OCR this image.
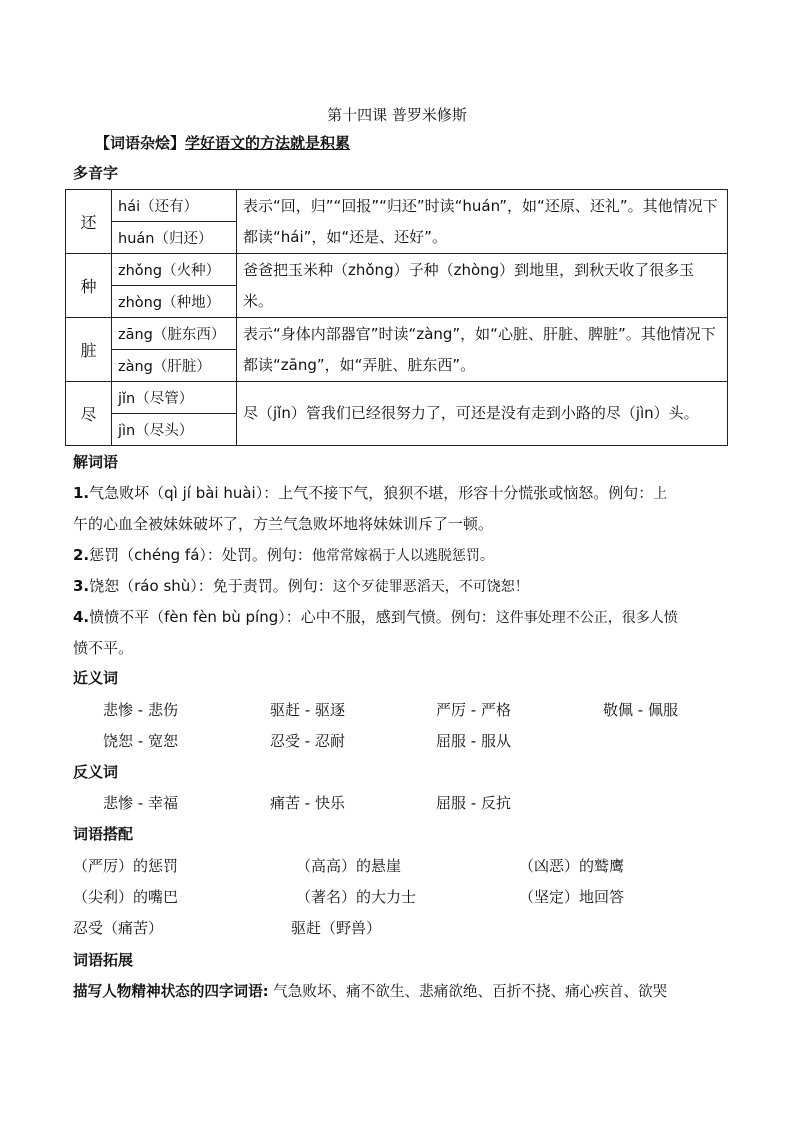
第十四课 普罗米修斯
【词语杂烩】学好语文的方法就是积累
多音字
还	hái（还有）	表示“回，归”“回报”“归还”时读“huán”，如“还原、还礼”。其他情况下都读“hái”，如“还是、还好”。
	huán（归还）	
种	zhǒng（火种）	爸爸把玉米种（zhǒng）子种（zhòng）到地里，到秋天收了很多玉米。
	zhòng（种地）	
脏	zāng（脏东西）	表示“身体内部器官”时读“zàng”，如“心脏、肝脏、脾脏”。其他情况下都读“zāng”，如“弄脏、脏东西”。
	zàng（肝脏）	
尽	jǐn（尽管）	尽（jǐn）管我们已经很努力了，可还是没有走到小路的尽（jìn）头。
	jìn（尽头）	
解词语
1.气急败坏（qì jí bài huài）：上气不接下气，狼狈不堪，形容十分慌张或恼怒。例句：上
午的心血全被妹妹破坏了，方兰气急败坏地将妹妹训斥了一顿。
2.惩罚（chéng fá）：处罚。例句：他常常嫁祸于人以逃脱惩罚。
3.饶恕（ráo shù）：免于责罚。例句：这个歹徒罪恶滔天，不可饶恕！
4.愤愤不平（fèn fèn bù píng）：心中不服，感到气愤。例句：这件事处理不公正，很多人愤
愤不平。
近义词
悲惨 - 悲伤	驱赶 - 驱逐	严厉 - 严格	敬佩 - 佩服
饶恕 - 宽恕	忍受 - 忍耐	屈服 - 服从
反义词
悲惨 - 幸福	痛苦 - 快乐	屈服 - 反抗
词语搭配
（严厉）的惩罚	（高高）的悬崖	（凶恶）的鹫鹰
（尖利）的嘴巴	（著名）的大力士	（坚定）地回答
忍受（痛苦）	驱赶（野兽）
词语拓展
描写人物精神状态的四字词语: 气急败坏、痛不欲生、悲痛欲绝、百折不挠、痛心疾首、欲哭
